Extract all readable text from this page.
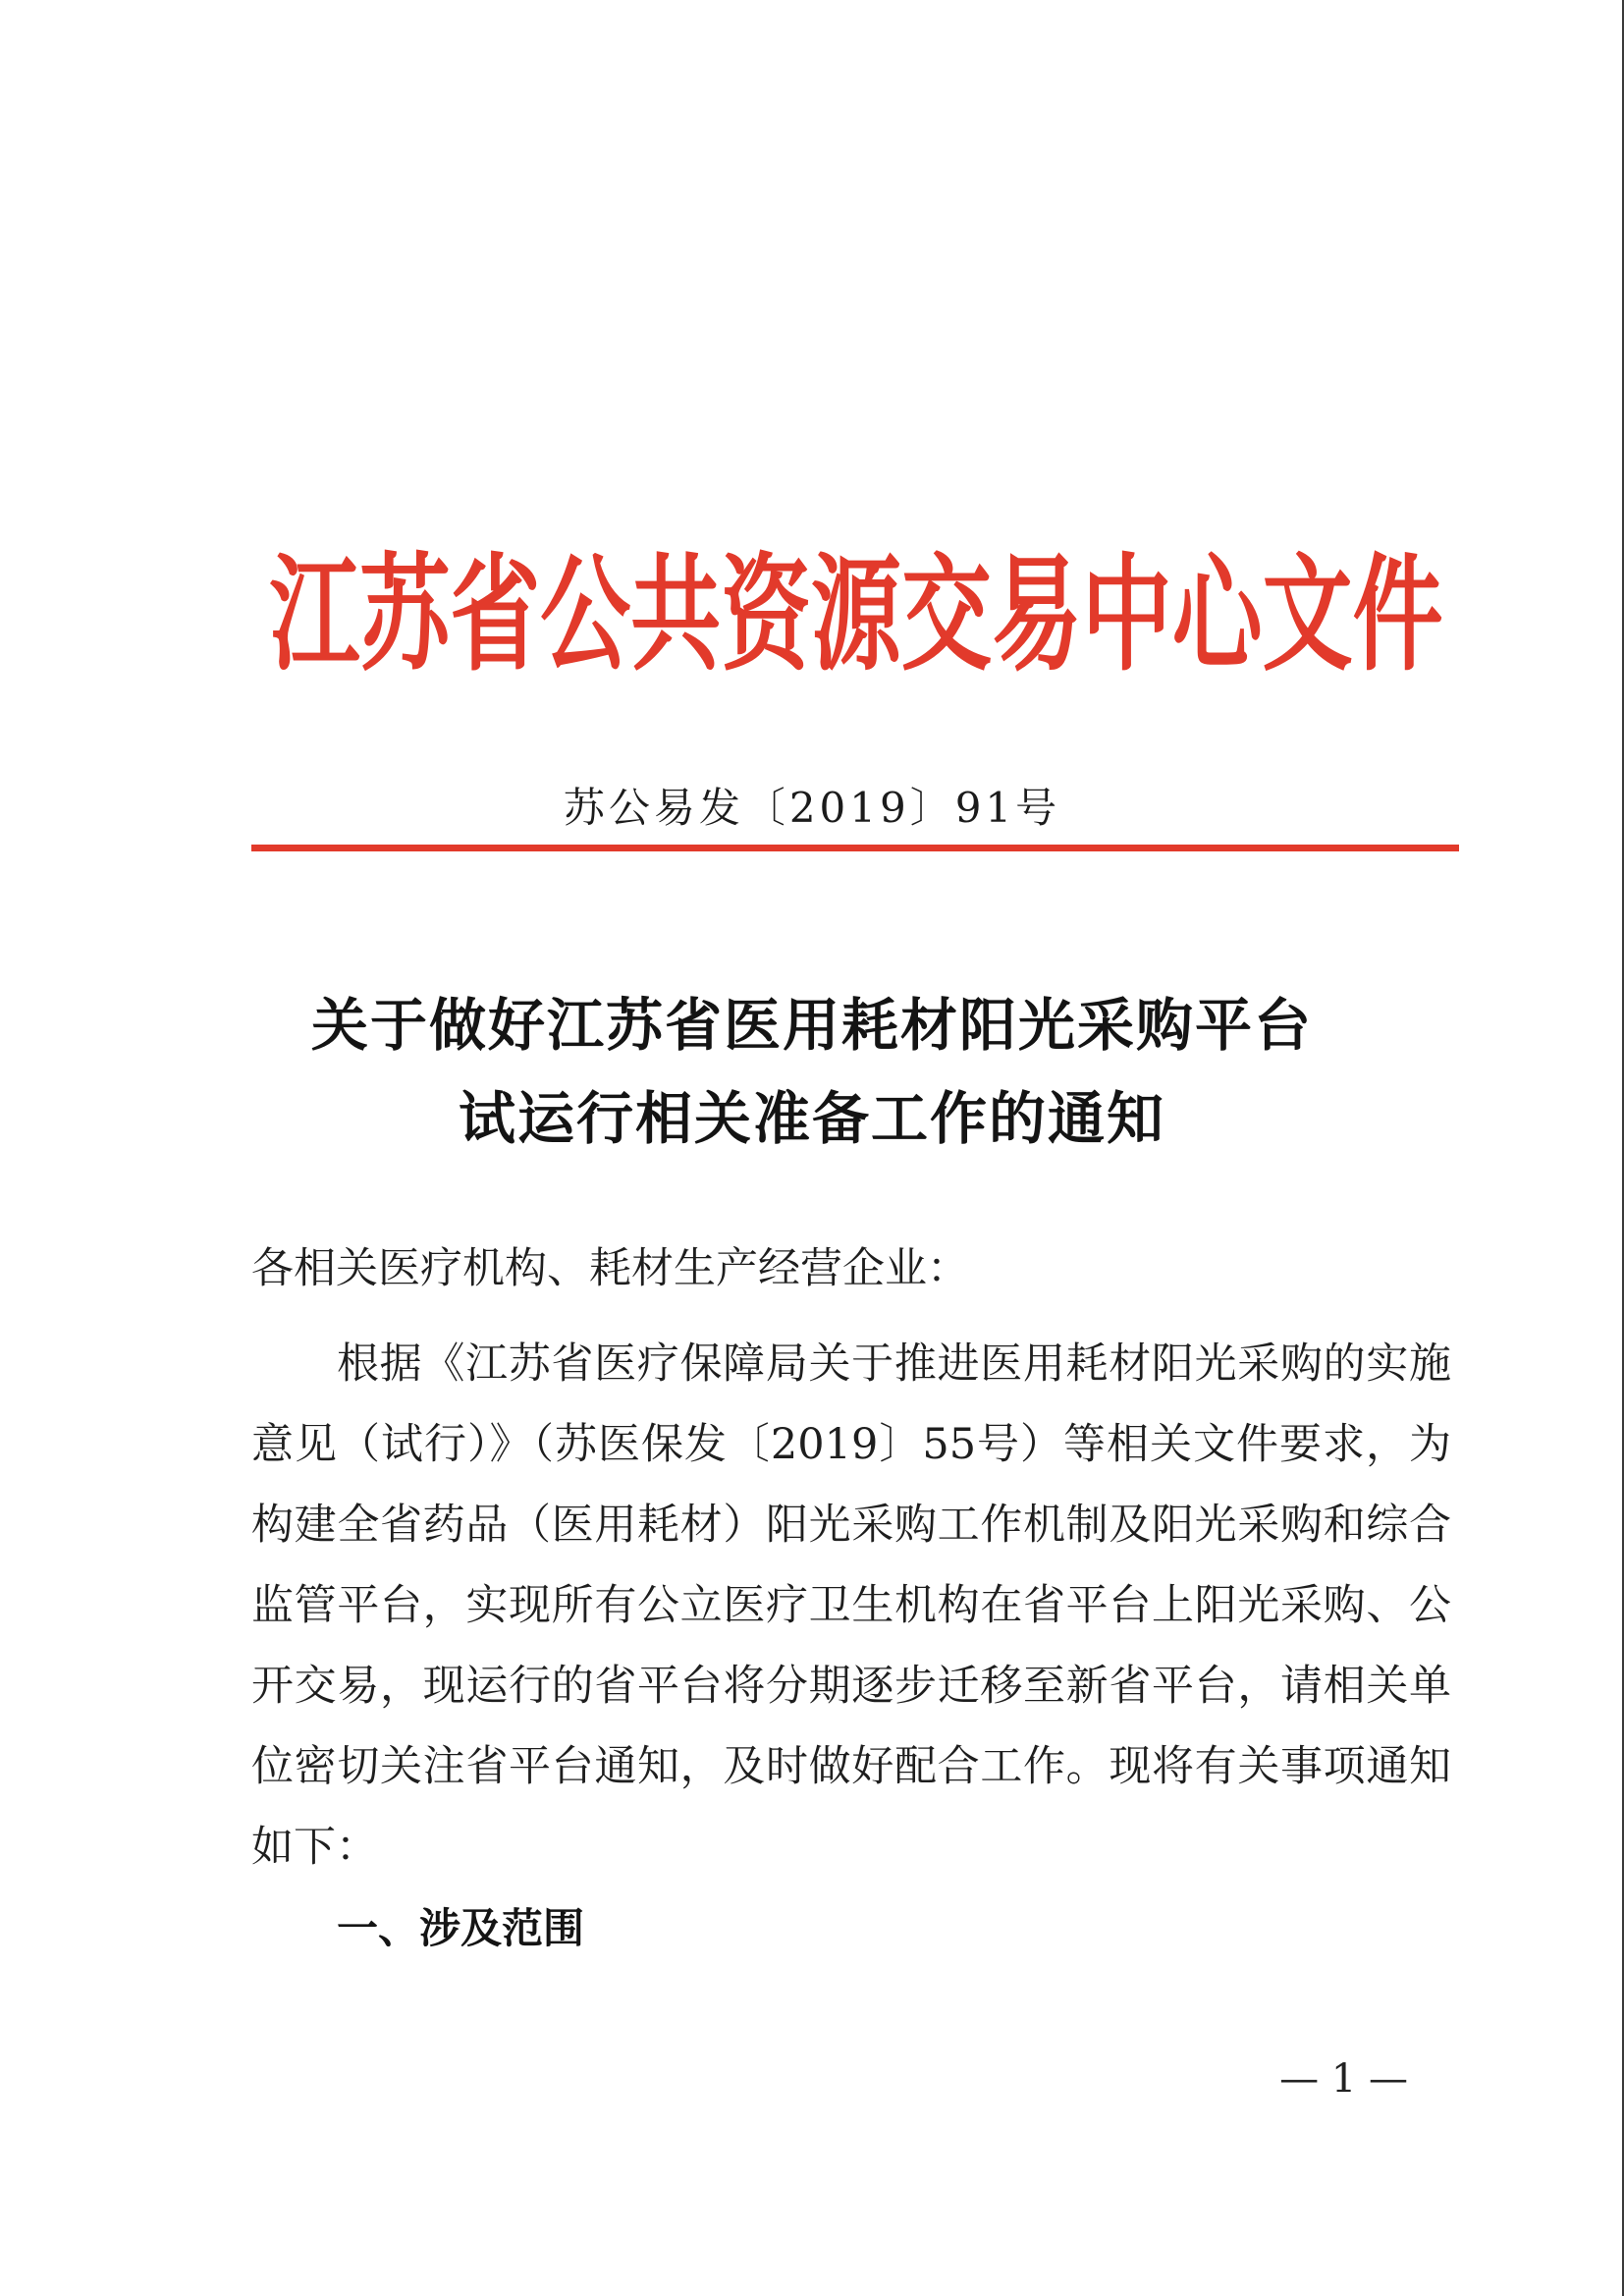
江苏省公共资源交易中心文件
苏公易发〔2019〕91号
关于做好江苏省医用耗材阳光采购平台
试运行相关准备工作的通知
各相关医疗机构、耗材生产经营企业：
根据《江苏省医疗保障局关于推进医用耗材阳光采购的实施
意见（试行）》（苏医保发〔2019〕55号）等相关文件要求，为
构建全省药品（医用耗材）阳光采购工作机制及阳光采购和综合
监管平台，实现所有公立医疗卫生机构在省平台上阳光采购、公
开交易，现运行的省平台将分期逐步迁移至新省平台，请相关单
位密切关注省平台通知，及时做好配合工作。现将有关事项通知
如下：
一、涉及范围
— 1 —
